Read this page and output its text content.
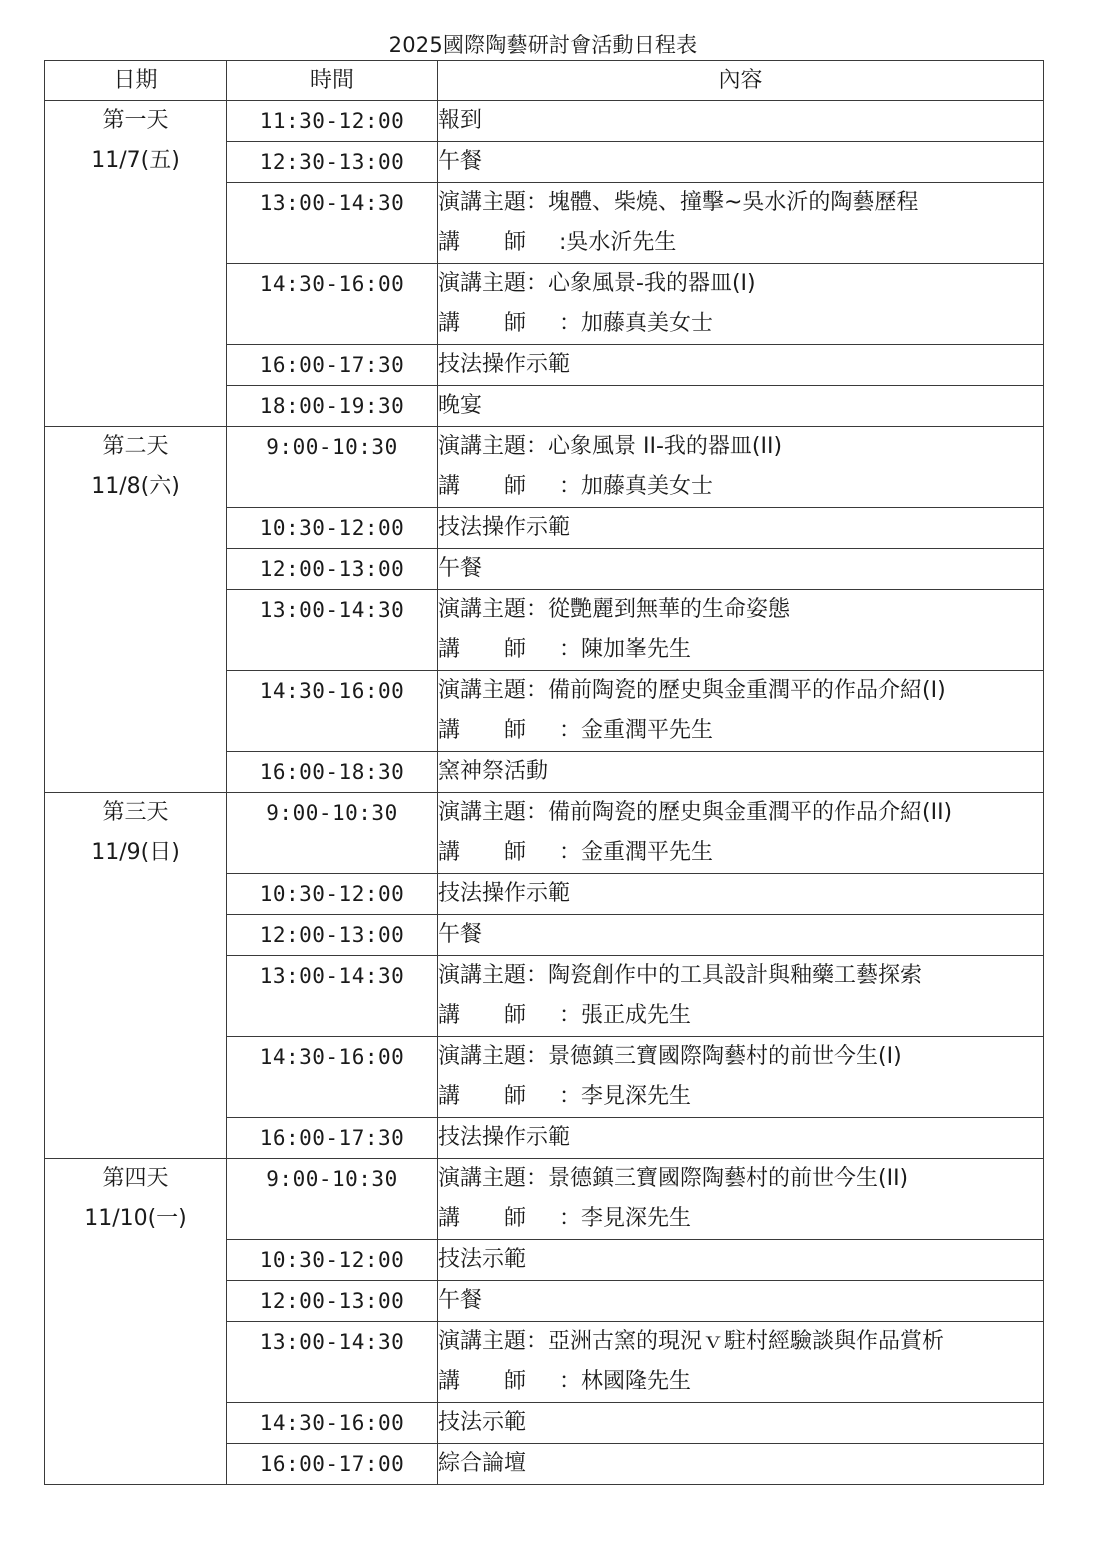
2025國際陶藝研討會活動日程表
日期	時間	內容

第一天
11/7(五)	11:30-12:00	報到

	12:30-13:00	午餐

	13:00-14:30	演講主題：塊體、柴燒、撞擊~吳水沂的陶藝歷程
講　　師 :吳水沂先生

	14:30-16:00	演講主題：心象風景-我的器皿(I)
講　　師 ：加藤真美女士

	16:00-17:30	技法操作示範

	18:00-19:30	晚宴

第二天
11/8(六)	9:00-10:30	演講主題：心象風景 II-我的器皿(II)
講　　師 ：加藤真美女士

	10:30-12:00	技法操作示範

	12:00-13:00	午餐

	13:00-14:30	演講主題：從艷麗到無華的生命姿態
講　　師 ：陳加峯先生

	14:30-16:00	演講主題：備前陶瓷的歷史與金重潤平的作品介紹(I)
講　　師 ：金重潤平先生

	16:00-18:30	窯神祭活動

第三天
11/9(日)	9:00-10:30	演講主題：備前陶瓷的歷史與金重潤平的作品介紹(II)
講　　師 ：金重潤平先生

	10:30-12:00	技法操作示範

	12:00-13:00	午餐

	13:00-14:30	演講主題：陶瓷創作中的工具設計與釉藥工藝探索
講　　師 ：張正成先生

	14:30-16:00	演講主題：景德鎮三寶國際陶藝村的前世今生(I)
講　　師 ：李見深先生

	16:00-17:30	技法操作示範

第四天
11/10(一)	9:00-10:30	演講主題：景德鎮三寶國際陶藝村的前世今生(II)
講　　師 ：李見深先生

	10:30-12:00	技法示範

	12:00-13:00	午餐

	13:00-14:30	演講主題：亞洲古窯的現況ｖ駐村經驗談與作品賞析
講　　師 ：林國隆先生

	14:30-16:00	技法示範

	16:00-17:00	綜合論壇
